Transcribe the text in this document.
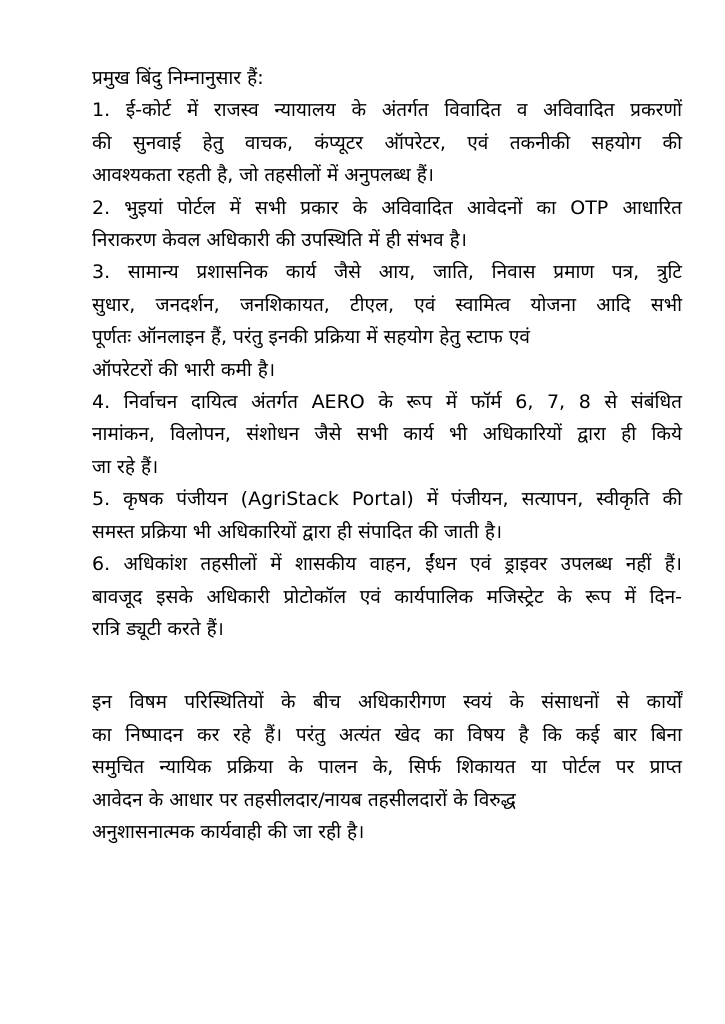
प्रमुख बिंदु निम्नानुसार हैं:
1. ई-कोर्ट में राजस्व न्यायालय के अंतर्गत विवादित व अविवादित प्रकरणों
की सुनवाई हेतु वाचक, कंप्यूटर ऑपरेटर, एवं तकनीकी सहयोग की
आवश्यकता रहती है, जो तहसीलों में अनुपलब्ध हैं।
2. भुइयां पोर्टल में सभी प्रकार के अविवादित आवेदनों का OTP आधारित
निराकरण केवल अधिकारी की उपस्थिति में ही संभव है।
3. सामान्य प्रशासनिक कार्य जैसे आय, जाति, निवास प्रमाण पत्र, त्रुटि
सुधार, जनदर्शन, जनशिकायत, टीएल, एवं स्वामित्व योजना आदि सभी
पूर्णतः ऑनलाइन हैं, परंतु इनकी प्रक्रिया में सहयोग हेतु स्टाफ एवं
ऑपरेटरों की भारी कमी है।
4. निर्वाचन दायित्व अंतर्गत AERO के रूप में फॉर्म 6, 7, 8 से संबंधित
नामांकन, विलोपन, संशोधन जैसे सभी कार्य भी अधिकारियों द्वारा ही किये
जा रहे हैं।
5. कृषक पंजीयन (AgriStack Portal) में पंजीयन, सत्यापन, स्वीकृति की
समस्त प्रक्रिया भी अधिकारियों द्वारा ही संपादित की जाती है।
6. अधिकांश तहसीलों में शासकीय वाहन, ईंधन एवं ड्राइवर उपलब्ध नहीं हैं।
बावजूद इसके अधिकारी प्रोटोकॉल एवं कार्यपालिक मजिस्ट्रेट के रूप में दिन-
रात्रि ड्यूटी करते हैं।
इन विषम परिस्थितियों के बीच अधिकारीगण स्वयं के संसाधनों से कार्यों
का निष्पादन कर रहे हैं। परंतु अत्यंत खेद का विषय है कि कई बार बिना
समुचित न्यायिक प्रक्रिया के पालन के, सिर्फ शिकायत या पोर्टल पर प्राप्त
आवेदन के आधार पर तहसीलदार/नायब तहसीलदारों के विरुद्ध
अनुशासनात्मक कार्यवाही की जा रही है।
